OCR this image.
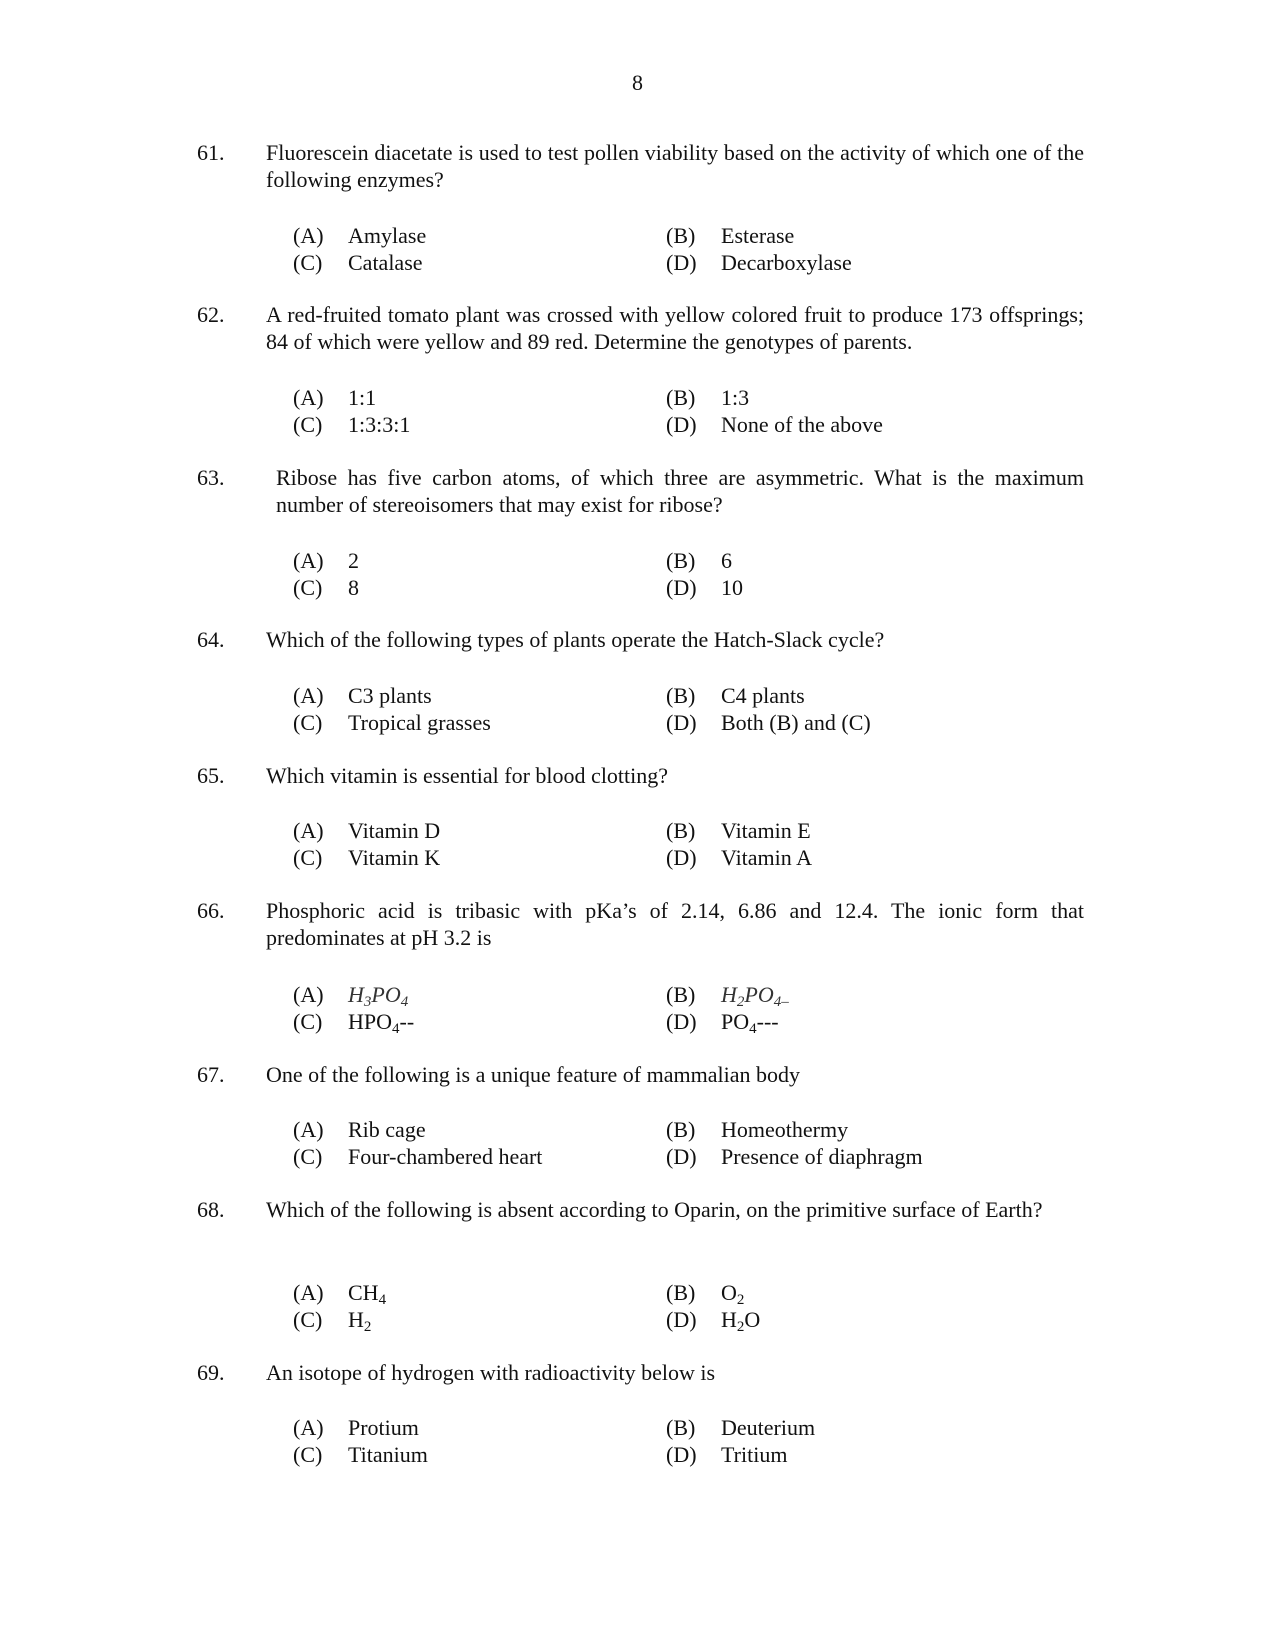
8
61. Fluorescein diacetate is used to test pollen viability based on the activity of which one of the following enzymes?
(A) Amylase	(B) Esterase
(C) Catalase	(D) Decarboxylase
62. A red-fruited tomato plant was crossed with yellow colored fruit to produce 173 offsprings; 84 of which were yellow and 89 red. Determine the genotypes of parents.
(A) 1:1	(B) 1:3
(C) 1:3:3:1	(D) None of the above
63. Ribose has five carbon atoms, of which three are asymmetric. What is the maximum number of stereoisomers that may exist for ribose?
(A) 2	(B) 6
(C) 8	(D) 10
64. Which of the following types of plants operate the Hatch-Slack cycle?
(A) C3 plants	(B) C4 plants
(C) Tropical grasses	(D) Both (B) and (C)
65. Which vitamin is essential for blood clotting?
(A) Vitamin D	(B) Vitamin E
(C) Vitamin K	(D) Vitamin A
66. Phosphoric acid is tribasic with pKa’s of 2.14, 6.86 and 12.4. The ionic form that predominates at pH 3.2 is
(A) $H_3PO_4$	(B) $H_2PO_{4-}$
(C) $HPO_4--$	(D) $PO_4---$
67. One of the following is a unique feature of mammalian body
(A) Rib cage	(B) Homeothermy
(C) Four-chambered heart	(D) Presence of diaphragm
68. Which of the following is absent according to Oparin, on the primitive surface of Earth?
(A) $CH_4$	(B) $O_2$
(C) $H_2$	(D) $H_2O$
69. An isotope of hydrogen with radioactivity below is
(A) Protium	(B) Deuterium
(C) Titanium	(D) Tritium
